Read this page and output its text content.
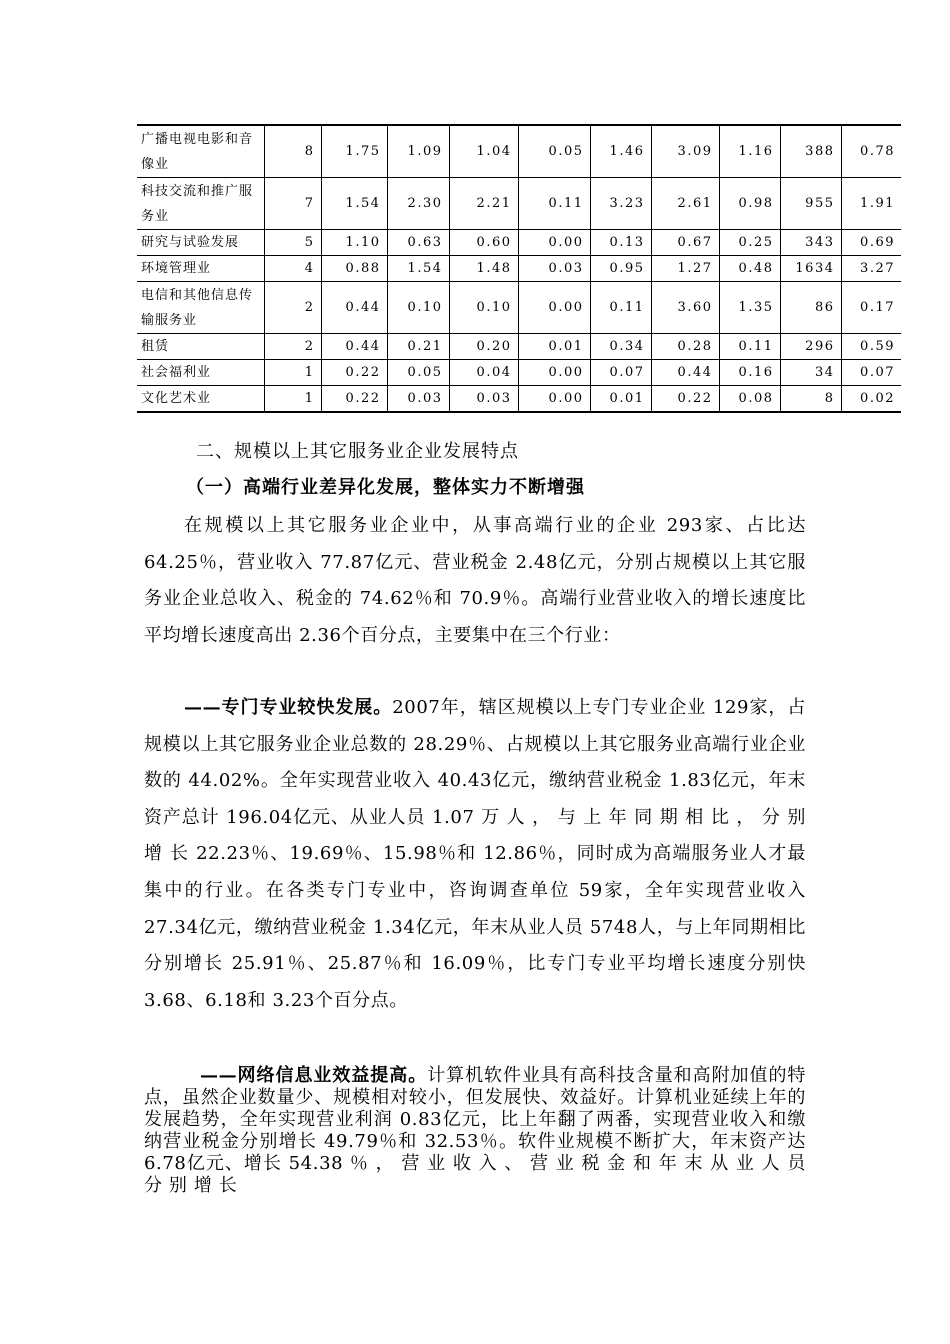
广播电视电影和音像业	8	1.75	1.09	1.04	0.05	1.46	3.09	1.16	388	0.78
科技交流和推广服务业	7	1.54	2.30	2.21	0.11	3.23	2.61	0.98	955	1.91
研究与试验发展	5	1.10	0.63	0.60	0.00	0.13	0.67	0.25	343	0.69
环境管理业	4	0.88	1.54	1.48	0.03	0.95	1.27	0.48	1634	3.27
电信和其他信息传输服务业	2	0.44	0.10	0.10	0.00	0.11	3.60	1.35	86	0.17
租赁	2	0.44	0.21	0.20	0.01	0.34	0.28	0.11	296	0.59
社会福利业	1	0.22	0.05	0.04	0.00	0.07	0.44	0.16	34	0.07
文化艺术业	1	0.22	0.03	0.03	0.00	0.01	0.22	0.08	8	0.02
二、规模以上其它服务业企业发展特点
（一）高端行业差异化发展，整体实力不断增强
在规模以上其它服务业企业中，从事高端行业的企业 293家、占比达 64.25％，营业收入 77.87亿元、营业税金 2.48亿元，分别占规模以上其它服务业企业总收入、税金的 74.62％和 70.9％。高端行业营业收入的增长速度比平均增长速度高出 2.36个百分点，主要集中在三个行业：
——专门专业较快发展。2007年，辖区规模以上专门专业企业 129家，占规模以上其它服务业企业总数的 28.29％、占规模以上其它服务业高端行业企业数的 44.02%。全年实现营业收入 40.43亿元，缴纳营业税金 1.83亿元，年末资产总计 196.04亿元、从业人员 1.07 万 人 ， 与 上 年 同 期 相 比 ， 分 别 增 长 22.23％、19.69％、15.98％和 12.86％，同时成为高端服务业人才最集中的行业。在各类专门专业中，咨询调查单位 59家，全年实现营业收入 27.34亿元，缴纳营业税金 1.34亿元，年末从业人员 5748人，与上年同期相比分别增长 25.91％、25.87％和 16.09％，比专门专业平均增长速度分别快 3.68、6.18和 3.23个百分点。
——网络信息业效益提高。计算机软件业具有高科技含量和高附加值的特点，虽然企业数量少、规模相对较小，但发展快、效益好。计算机业延续上年的发展趋势，全年实现营业利润 0.83亿元，比上年翻了两番，实现营业收入和缴纳营业税金分别增长 49.79％和 32.53％。软件业规模不断扩大，年末资产达 6.78亿元、增长 54.38 ％ ， 营 业 收 入 、 营 业 税 金 和 年 末 从 业 人 员 分 别 增 长
